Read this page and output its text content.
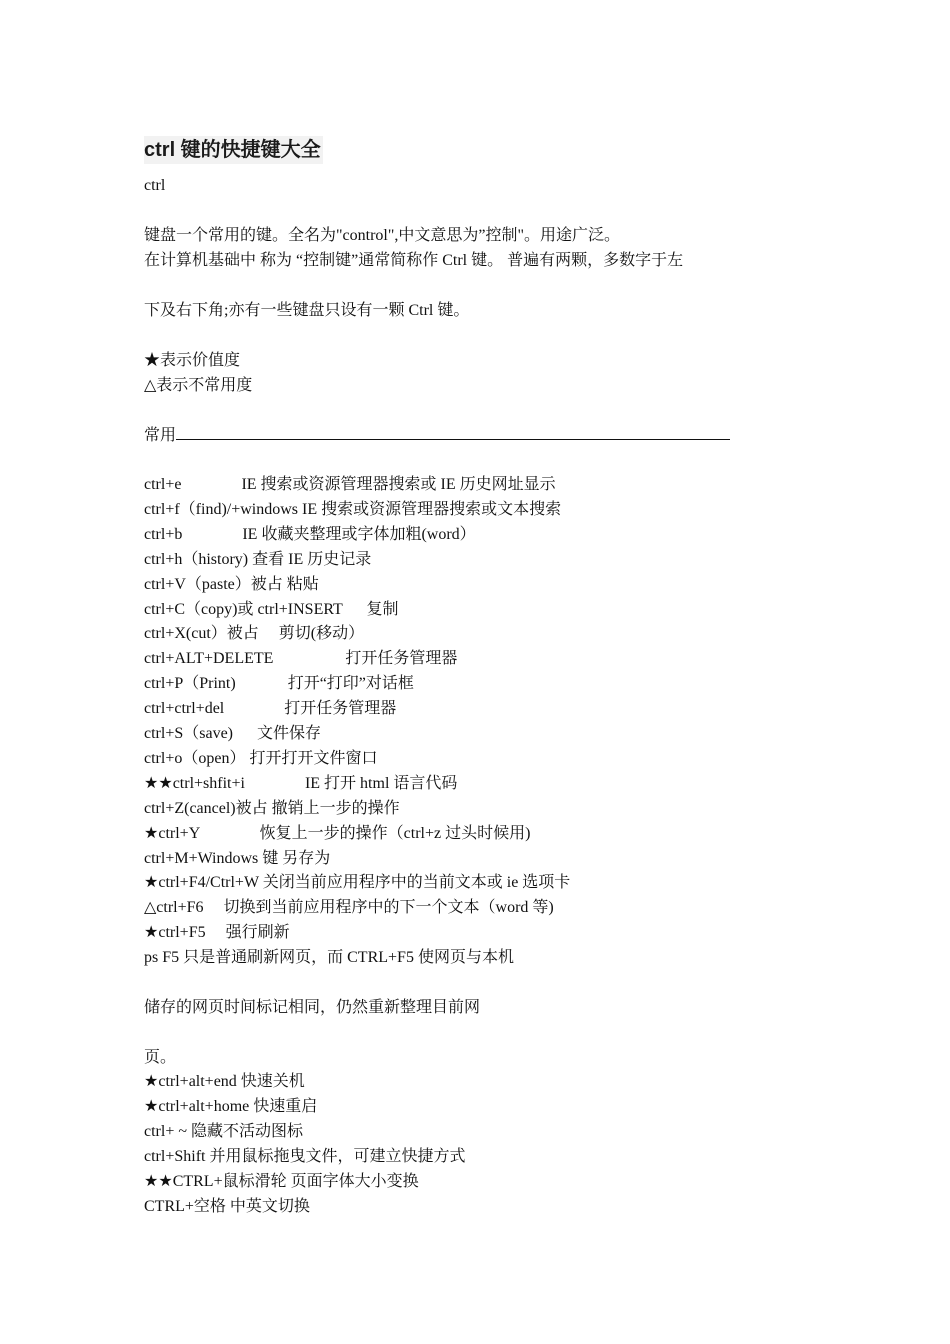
ctrl 键的快捷键大全
ctrl
键盘一个常用的键。全名为"control",中文意思为”控制"。用途广泛。
在计算机基础中 称为 “控制键”通常简称作 Ctrl 键。 普遍有两颗，多数字于左
下及右下角;亦有一些键盘只设有一颗 Ctrl 键。
★表示价值度
△表示不常用度
常用
ctrl+e               IE 搜索或资源管理器搜索或 IE 历史网址显示
ctrl+f（find)/+windows IE 搜索或资源管理器搜索或文本搜索
ctrl+b               IE 收藏夹整理或字体加粗(word）
ctrl+h（history) 查看 IE 历史记录
ctrl+V（paste）被占 粘贴
ctrl+C（copy)或 ctrl+INSERT      复制
ctrl+X(cut）被占     剪切(移动）
ctrl+ALT+DELETE                  打开任务管理器
ctrl+P（Print)             打开“打印”对话框
ctrl+ctrl+del               打开任务管理器
ctrl+S（save)      文件保存
ctrl+o（open） 打开打开文件窗口
★★ctrl+shfit+i               IE 打开 html 语言代码
ctrl+Z(cancel)被占 撤销上一步的操作
★ctrl+Y               恢复上一步的操作（ctrl+z 过头时候用)
ctrl+M+Windows 键 另存为
★ctrl+F4/Ctrl+W 关闭当前应用程序中的当前文本或 ie 选项卡
△ctrl+F6     切换到当前应用程序中的下一个文本（word 等)
★ctrl+F5     强行刷新
ps F5 只是普通刷新网页，而 CTRL+F5 使网页与本机
储存的网页时间标记相同，仍然重新整理目前网
页。
★ctrl+alt+end 快速关机
★ctrl+alt+home 快速重启
ctrl+ ~ 隐藏不活动图标
ctrl+Shift 并用鼠标拖曳文件，可建立快捷方式
★★CTRL+鼠标滑轮 页面字体大小变换
CTRL+空格 中英文切换
